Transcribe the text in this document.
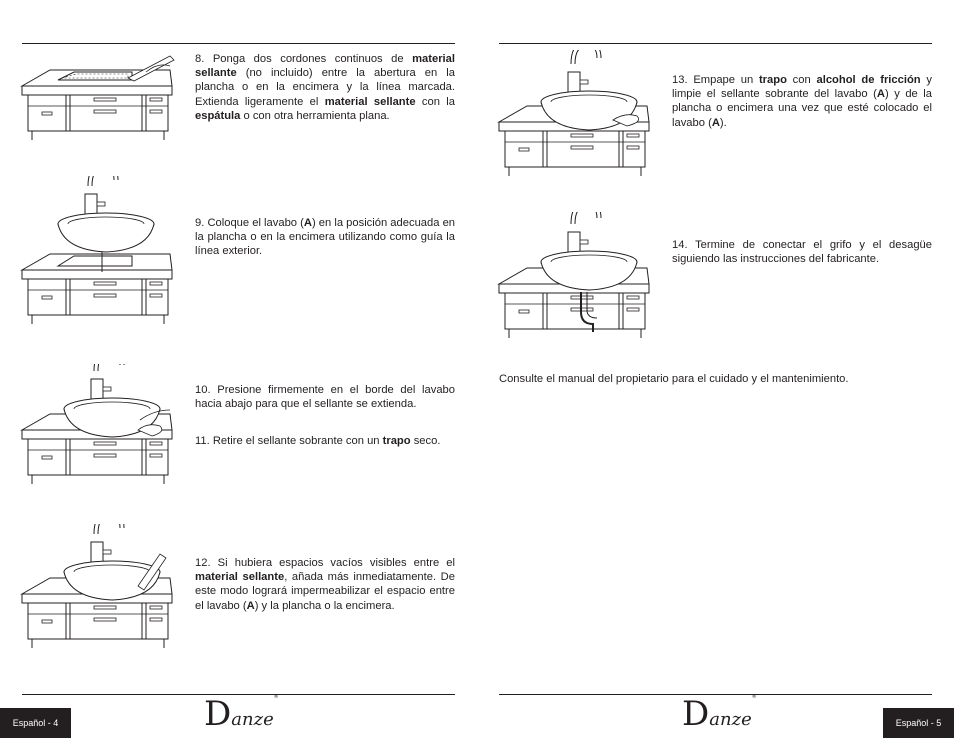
8. Ponga dos cordones continuos de material sellante (no incluido) entre la abertura en la plancha o en la encimera y la línea marcada. Extienda ligeramente el material sellante con la espátula o con otra herramienta plana.

9. Coloque el lavabo (A) en la posición adecuada en la plancha o en la encimera utilizando como guía la línea exterior.

10. Presione firmemente en el borde del lavabo hacia abajo para que el sellante se extienda.

11. Retire el sellante sobrante con un trapo seco.

12. Si hubiera espacios vacíos visibles entre el material sellante, añada más inmediatamente. De este modo logrará impermeabilizar el espacio entre el lavabo (A) y la plancha o la encimera.

13. Empape un trapo con alcohol de fricción y limpie el sellante sobrante del lavabo (A) y de la plancha o encimera una vez que esté colocado el lavabo (A).

14. Termine de conectar el grifo y el desagüe siguiendo las instrucciones del fabricante.

Consulte el manual del propietario para el cuidado y el mantenimiento.

Español - 4	Español - 5
Danze®	Danze®
